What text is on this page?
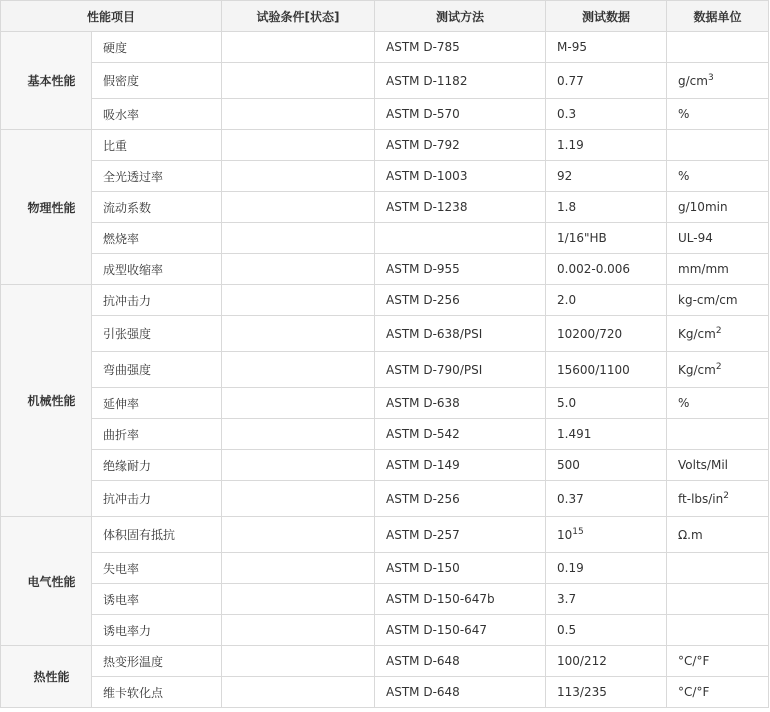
性能项目		试验条件[状态]	测试方法	测试数据	数据单位
基本性能	硬度		ASTM D-785	M-95	
	假密度		ASTM D-1182	0.77	$g/cm^3$
	吸水率		ASTM D-570	0.3	%
物理性能	比重		ASTM D-792	1.19	
	全光透过率		ASTM D-1003	92	%
	流动系数		ASTM D-1238	1.8	g/10min
	燃烧率			1/16"HB	UL-94
	成型收缩率		ASTM D-955	0.002-0.006	mm/mm
机械性能	抗冲击力		ASTM D-256	2.0	kg-cm/cm
	引张强度		ASTM D-638/PSI	10200/720	$Kg/cm^2$
	弯曲强度		ASTM D-790/PSI	15600/1100	$Kg/cm^2$
	延伸率		ASTM D-638	5.0	%
	曲折率		ASTM D-542	1.491	
	绝缘耐力		ASTM D-149	500	Volts/Mil
	抗冲击力		ASTM D-256	0.37	$ft-lbs/in^2$
电气性能	体积固有抵抗		ASTM D-257	$10^{15}$	Ω.m
	失电率		ASTM D-150	0.19	
	诱电率		ASTM D-150-647b	3.7	
	诱电率力		ASTM D-150-647	0.5	
热性能	热变形温度		ASTM D-648	100/212	°C/°F
	维卡软化点		ASTM D-648	113/235	°C/°F
